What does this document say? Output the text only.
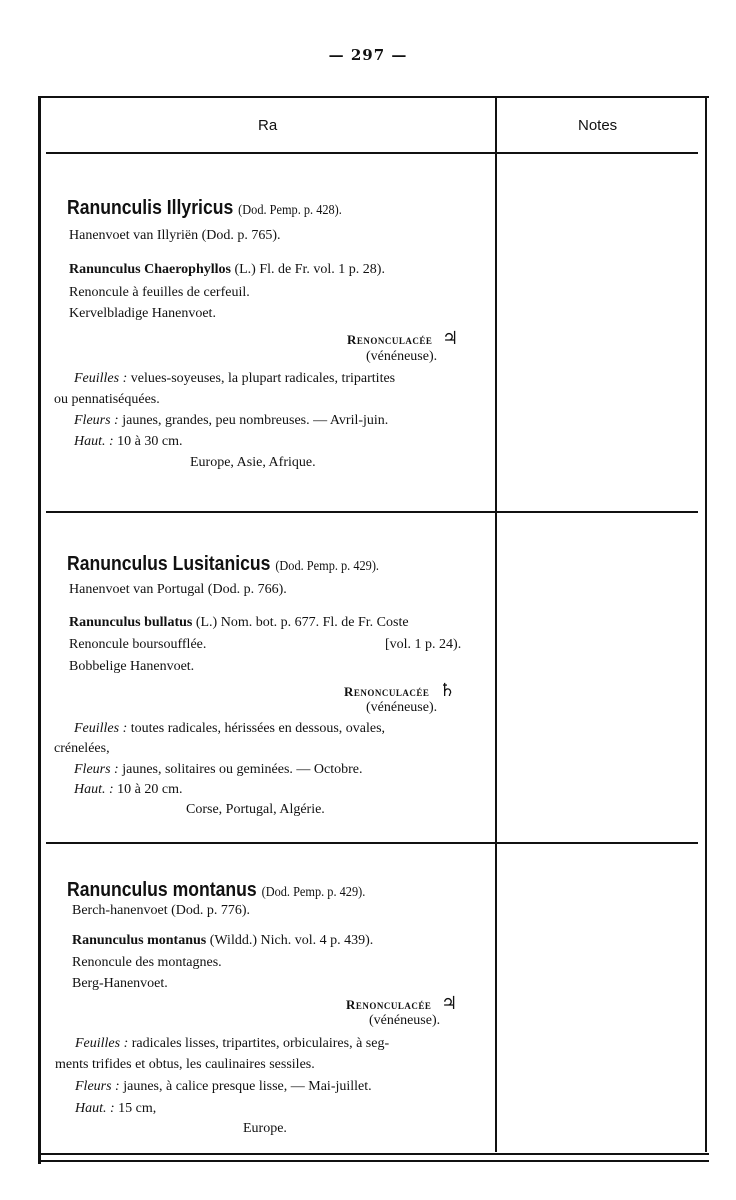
— 297 —
Ra	Notes
Ranunculis Illyricus (Dod. Pemp. p. 428).
Hanenvoet van Illyriën (Dod. p. 765).
Ranunculus Chaerophyllos (L.) Fl. de Fr. vol. 1 p. 28).
Renoncule à feuilles de cerfeuil.
Kervelbladige Hanenvoet.
Renonculacée ♃
(vénéneuse).
Feuilles : velues-soyeuses, la plupart radicales, tripartites
ou pennatiséquées.
Fleurs : jaunes, grandes, peu nombreuses. — Avril-juin.
Haut. : 10 à 30 cm.
Europe, Asie, Afrique.
Ranunculus Lusitanicus (Dod. Pemp. p. 429).
Hanenvoet van Portugal (Dod. p. 766).
Ranunculus bullatus (L.) Nom. bot. p. 677. Fl. de Fr. Coste
Renoncule boursoufflée.	[vol. 1 p. 24).
Bobbelige Hanenvoet.
Renonculacée ♄
(vénéneuse).
Feuilles : toutes radicales, hérissées en dessous, ovales,
crénelées,
Fleurs : jaunes, solitaires ou geminées. — Octobre.
Haut. : 10 à 20 cm.
Corse, Portugal, Algérie.
Ranunculus montanus (Dod. Pemp. p. 429).
Berch-hanenvoet (Dod. p. 776).
Ranunculus montanus (Wildd.) Nich. vol. 4 p. 439).
Renoncule des montagnes.
Berg-Hanenvoet.
Renonculacée ♃
(vénéneuse).
Feuilles : radicales lisses, tripartites, orbiculaires, à seg-
ments trifides et obtus, les caulinaires sessiles.
Fleurs : jaunes, à calice presque lisse, — Mai-juillet.
Haut. : 15 cm,
Europe.
